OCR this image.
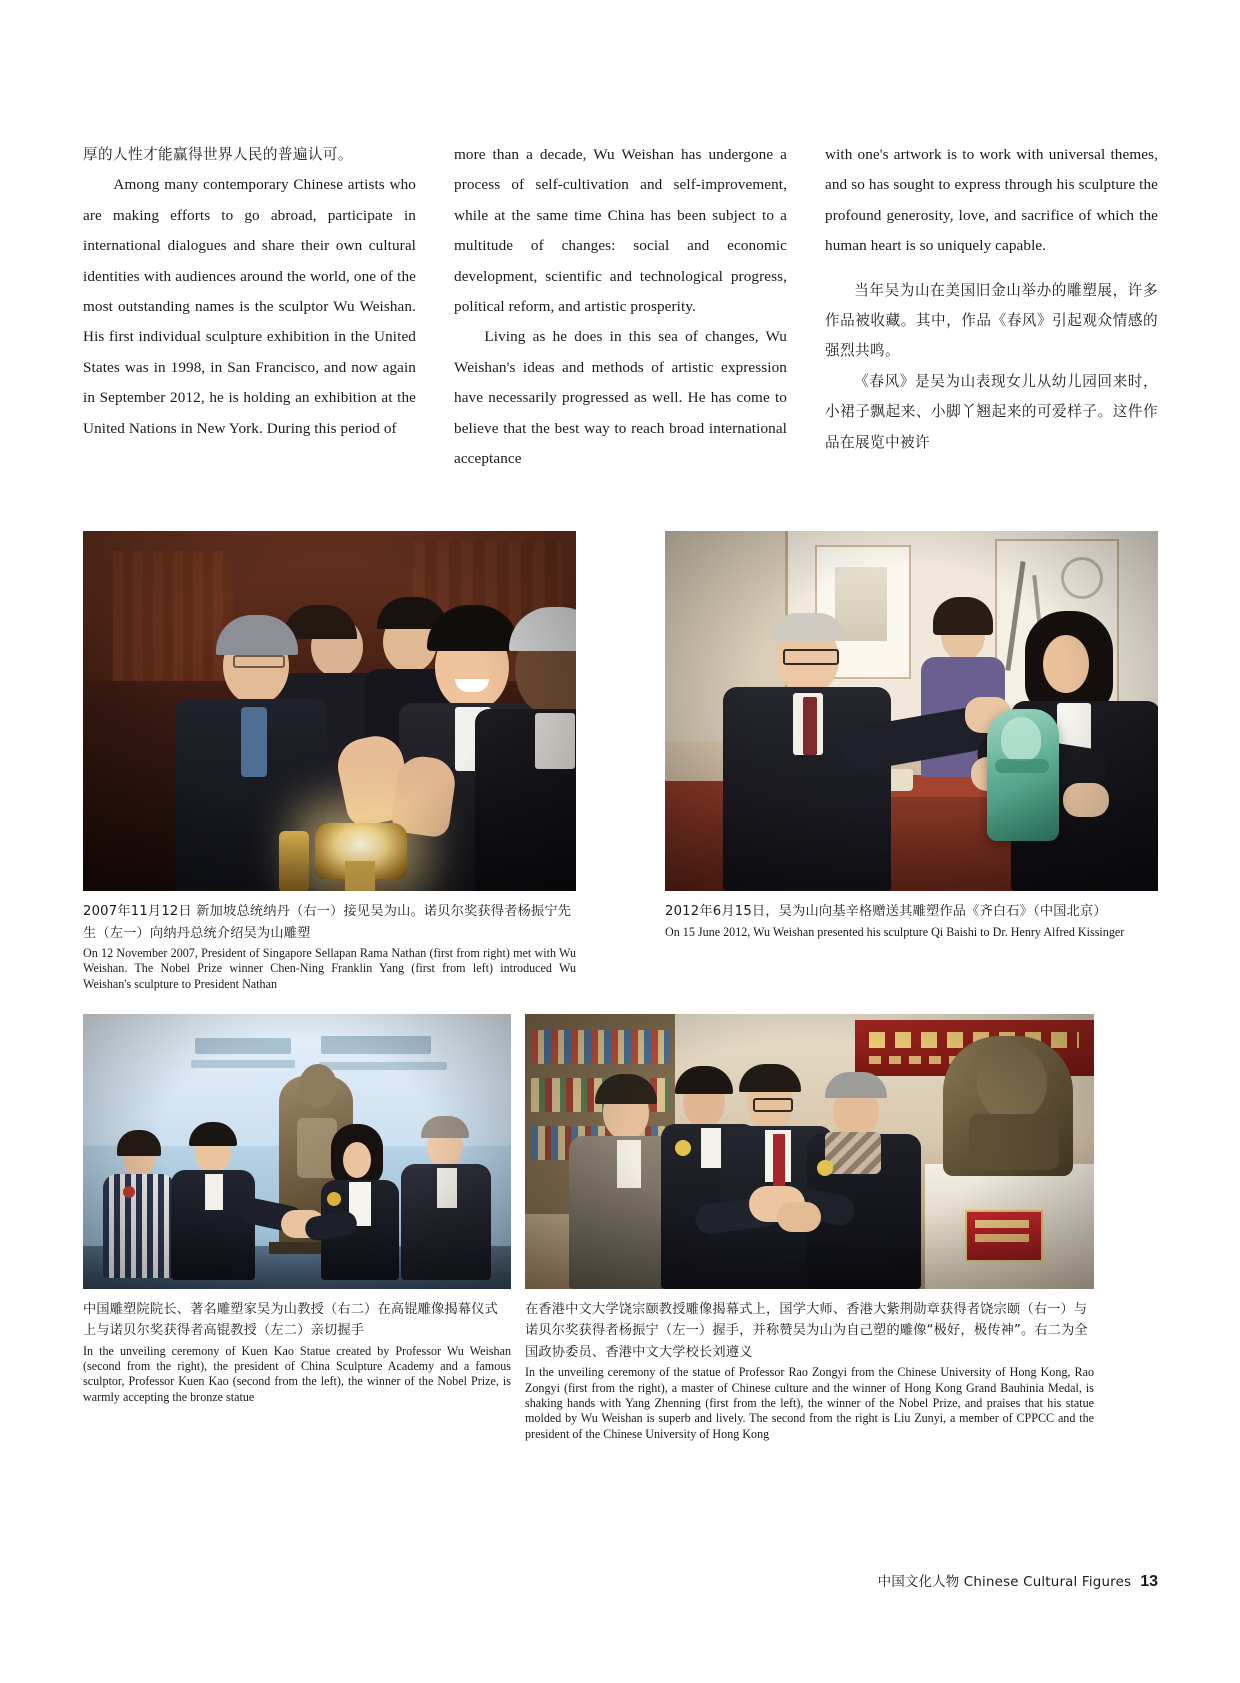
厚的人性才能赢得世界人民的普遍认可。

Among many contemporary Chinese artists who are making efforts to go abroad, participate in international dialogues and share their own cultural identities with audiences around the world, one of the most outstanding names is the sculptor Wu Weishan. His first individual sculpture exhibition in the United States was in 1998, in San Francisco, and now again in September 2012, he is holding an exhibition at the United Nations in New York. During this period of

more than a decade, Wu Weishan has undergone a process of self-cultivation and self-improvement, while at the same time China has been subject to a multitude of changes: social and economic development, scientific and technological progress, political reform, and artistic prosperity.

Living as he does in this sea of changes, Wu Weishan's ideas and methods of artistic expression have necessarily progressed as well. He has come to believe that the best way to reach broad international acceptance

with one's artwork is to work with universal themes, and so has sought to express through his sculpture the profound generosity, love, and sacrifice of which the human heart is so uniquely capable.

当年吴为山在美国旧金山举办的雕塑展，许多作品被收藏。其中，作品《春风》引起观众情感的强烈共鸣。

《春风》是吴为山表现女儿从幼儿园回来时，小裙子飘起来、小脚丫翘起来的可爱样子。这件作品在展览中被许

2007年11月12日 新加坡总统纳丹（右一）接见吴为山。诺贝尔奖获得者杨振宁先生（左一）向纳丹总统介绍吴为山雕塑
On 12 November 2007, President of Singapore Sellapan Rama Nathan (first from right) met with Wu Weishan. The Nobel Prize winner Chen-Ning Franklin Yang (first from left) introduced Wu Weishan's sculpture to President Nathan
2012年6月15日，吴为山向基辛格赠送其雕塑作品《齐白石》（中国北京）
On 15 June 2012, Wu Weishan presented his sculpture Qi Baishi to Dr. Henry Alfred Kissinger
中国雕塑院院长、著名雕塑家吴为山教授（右二）在高锟雕像揭幕仪式上与诺贝尔奖获得者高锟教授（左二）亲切握手
In the unveiling ceremony of Kuen Kao Statue created by Professor Wu Weishan (second from the right), the president of China Sculpture Academy and a famous sculptor, Professor Kuen Kao (second from the left), the winner of the Nobel Prize, is warmly accepting the bronze statue
在香港中文大学饶宗颐教授雕像揭幕式上，国学大师、香港大紫荆勋章获得者饶宗颐（右一）与诺贝尔奖获得者杨振宁（左一）握手，并称赞吴为山为自己塑的雕像“极好，极传神”。右二为全国政协委员、香港中文大学校长刘遵义
In the unveiling ceremony of the statue of Professor Rao Zongyi from the Chinese University of Hong Kong, Rao Zongyi (first from the right), a master of Chinese culture and the winner of Hong Kong Grand Bauhinia Medal, is shaking hands with Yang Zhenning (first from the left), the winner of the Nobel Prize, and praises that his statue molded by Wu Weishan is superb and lively. The second from the right is Liu Zunyi, a member of CPPCC and the president of the Chinese University of Hong Kong
中国文化人物 Chinese Cultural Figures 13
